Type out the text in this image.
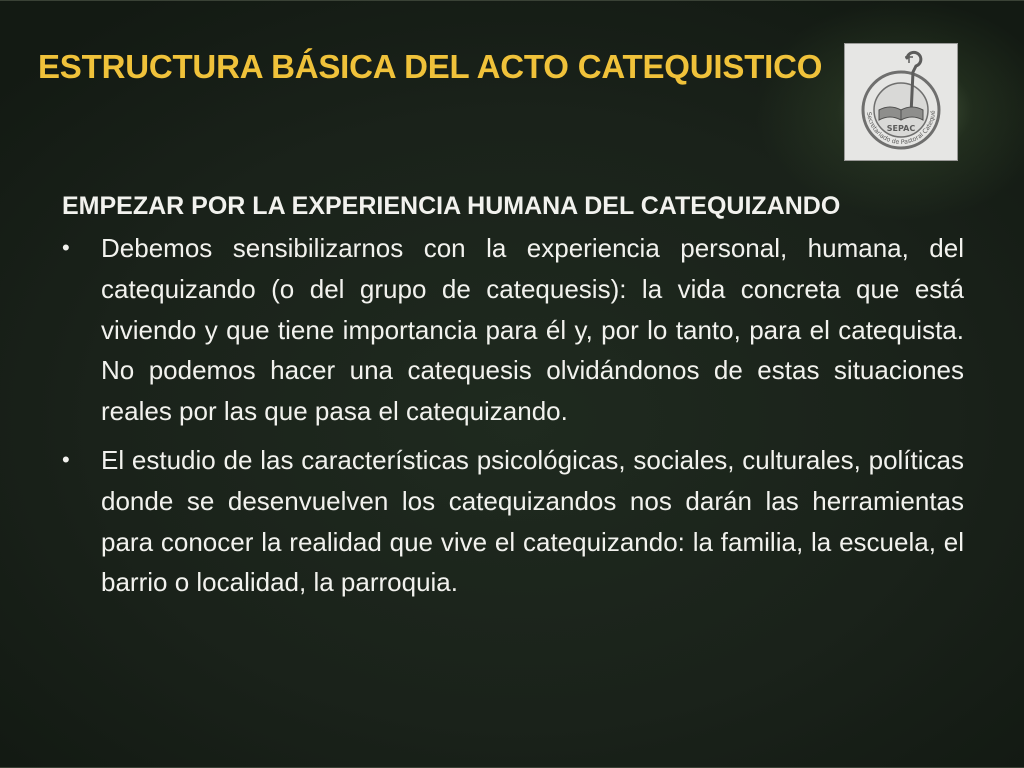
ESTRUCTURA BÁSICA DEL ACTO CATEQUISTICO
Secretariado de Pastoral Catequé
SEPAC

EMPEZAR POR LA EXPERIENCIA HUMANA DEL CATEQUIZANDO

• Debemos sensibilizarnos con la experiencia personal, humana, del catequizando (o del grupo de catequesis): la vida concreta que está viviendo y que tiene importancia para él y, por lo tanto, para el catequista. No podemos hacer una catequesis olvidándonos de estas situaciones reales por las que pasa el catequizando.
• El estudio de las características psicológicas, sociales, culturales, políticas donde se desenvuelven los catequizandos nos darán las herramientas para conocer la realidad que vive el catequizando: la familia, la escuela, el barrio o localidad, la parroquia.
